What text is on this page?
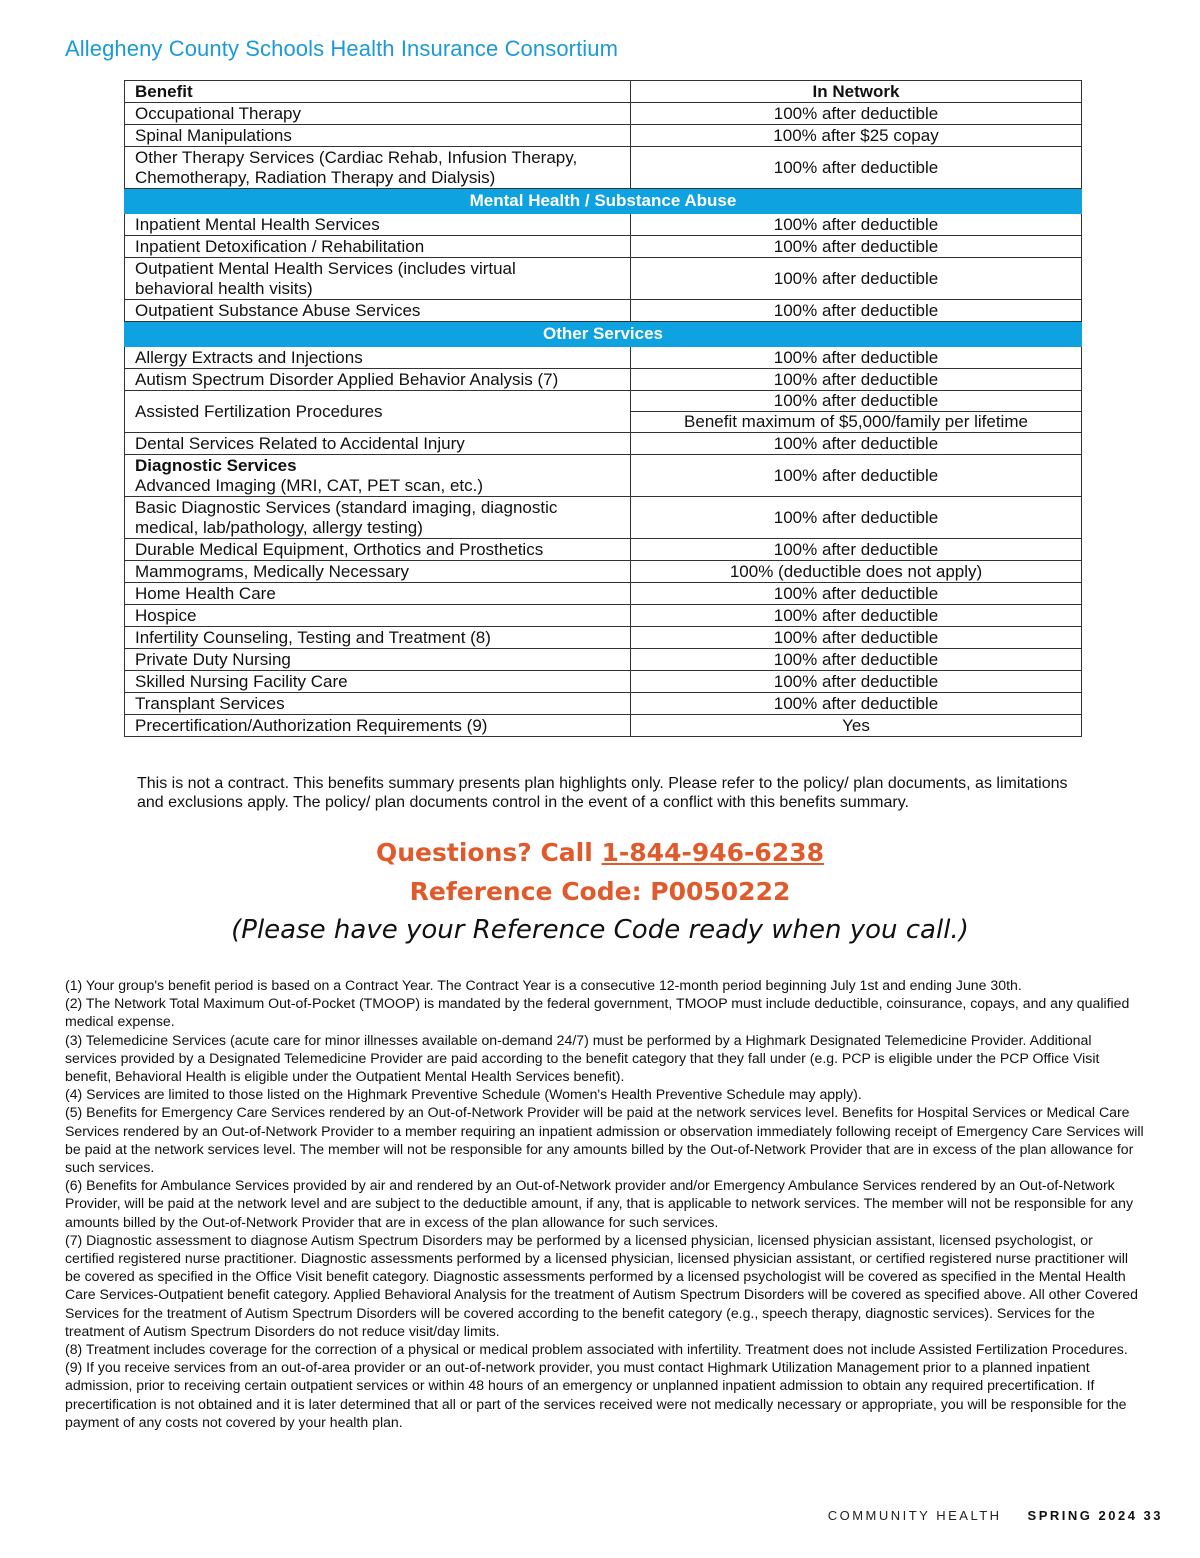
Allegheny County Schools Health Insurance Consortium
Benefit	In Network
Occupational Therapy	100% after deductible
Spinal Manipulations	100% after $25 copay
Other Therapy Services (Cardiac Rehab, Infusion Therapy,
Chemotherapy, Radiation Therapy and Dialysis)	100% after deductible
Mental Health / Substance Abuse	
Inpatient Mental Health Services	100% after deductible
Inpatient Detoxification / Rehabilitation	100% after deductible
Outpatient Mental Health Services (includes virtual
behavioral health visits)	100% after deductible
Outpatient Substance Abuse Services	100% after deductible
Other Services	
Allergy Extracts and Injections	100% after deductible
Autism Spectrum Disorder Applied Behavior Analysis (7)	100% after deductible
Assisted Fertilization Procedures	100% after deductible
	Benefit maximum of $5,000/family per lifetime
Dental Services Related to Accidental Injury	100% after deductible
Diagnostic Services
Advanced Imaging (MRI, CAT, PET scan, etc.)	100% after deductible
Basic Diagnostic Services (standard imaging, diagnostic
medical, lab/pathology, allergy testing)	100% after deductible
Durable Medical Equipment, Orthotics and Prosthetics	100% after deductible
Mammograms, Medically Necessary	100% (deductible does not apply)
Home Health Care	100% after deductible
Hospice	100% after deductible
Infertility Counseling, Testing and Treatment (8)	100% after deductible
Private Duty Nursing	100% after deductible
Skilled Nursing Facility Care	100% after deductible
Transplant Services	100% after deductible
Precertification/Authorization Requirements (9)	Yes
This is not a contract. This benefits summary presents plan highlights only. Please refer to the policy/ plan documents, as limitations and exclusions apply. The policy/ plan documents control in the event of a conflict with this benefits summary.
Questions? Call 1-844-946-6238
Reference Code: P0050222
(Please have your Reference Code ready when you call.)

(1) Your group's benefit period is based on a Contract Year. The Contract Year is a consecutive 12-month period beginning July 1st and ending June 30th.

(2) The Network Total Maximum Out-of-Pocket (TMOOP) is mandated by the federal government, TMOOP must include deductible, coinsurance, copays, and any qualified medical expense.

(3) Telemedicine Services (acute care for minor illnesses available on-demand 24/7) must be performed by a Highmark Designated Telemedicine Provider. Additional services provided by a Designated Telemedicine Provider are paid according to the benefit category that they fall under (e.g. PCP is eligible under the PCP Office Visit benefit, Behavioral Health is eligible under the Outpatient Mental Health Services benefit).

(4) Services are limited to those listed on the Highmark Preventive Schedule (Women's Health Preventive Schedule may apply).

(5) Benefits for Emergency Care Services rendered by an Out-of-Network Provider will be paid at the network services level. Benefits for Hospital Services or Medical Care Services rendered by an Out-of-Network Provider to a member requiring an inpatient admission or observation immediately following receipt of Emergency Care Services will be paid at the network services level. The member will not be responsible for any amounts billed by the Out-of-Network Provider that are in excess of the plan allowance for such services.

(6) Benefits for Ambulance Services provided by air and rendered by an Out-of-Network provider and/or Emergency Ambulance Services rendered by an Out-of-Network Provider, will be paid at the network level and are subject to the deductible amount, if any, that is applicable to network services. The member will not be responsible for any amounts billed by the Out-of-Network Provider that are in excess of the plan allowance for such services.

(7) Diagnostic assessment to diagnose Autism Spectrum Disorders may be performed by a licensed physician, licensed physician assistant, licensed psychologist, or certified registered nurse practitioner. Diagnostic assessments performed by a licensed physician, licensed physician assistant, or certified registered nurse practitioner will be covered as specified in the Office Visit benefit category. Diagnostic assessments performed by a licensed psychologist will be covered as specified in the Mental Health Care Services-Outpatient benefit category. Applied Behavioral Analysis for the treatment of Autism Spectrum Disorders will be covered as specified above. All other Covered Services for the treatment of Autism Spectrum Disorders will be covered according to the benefit category (e.g., speech therapy, diagnostic services). Services for the treatment of Autism Spectrum Disorders do not reduce visit/day limits.

(8) Treatment includes coverage for the correction of a physical or medical problem associated with infertility. Treatment does not include Assisted Fertilization Procedures.

(9) If you receive services from an out-of-area provider or an out-of-network provider, you must contact Highmark Utilization Management prior to a planned inpatient admission, prior to receiving certain outpatient services or within 48 hours of an emergency or unplanned inpatient admission to obtain any required precertification. If precertification is not obtained and it is later determined that all or part of the services received were not medically necessary or appropriate, you will be responsible for the payment of any costs not covered by your health plan.

COMMUNITY HEALTH SPRING 2024 33
